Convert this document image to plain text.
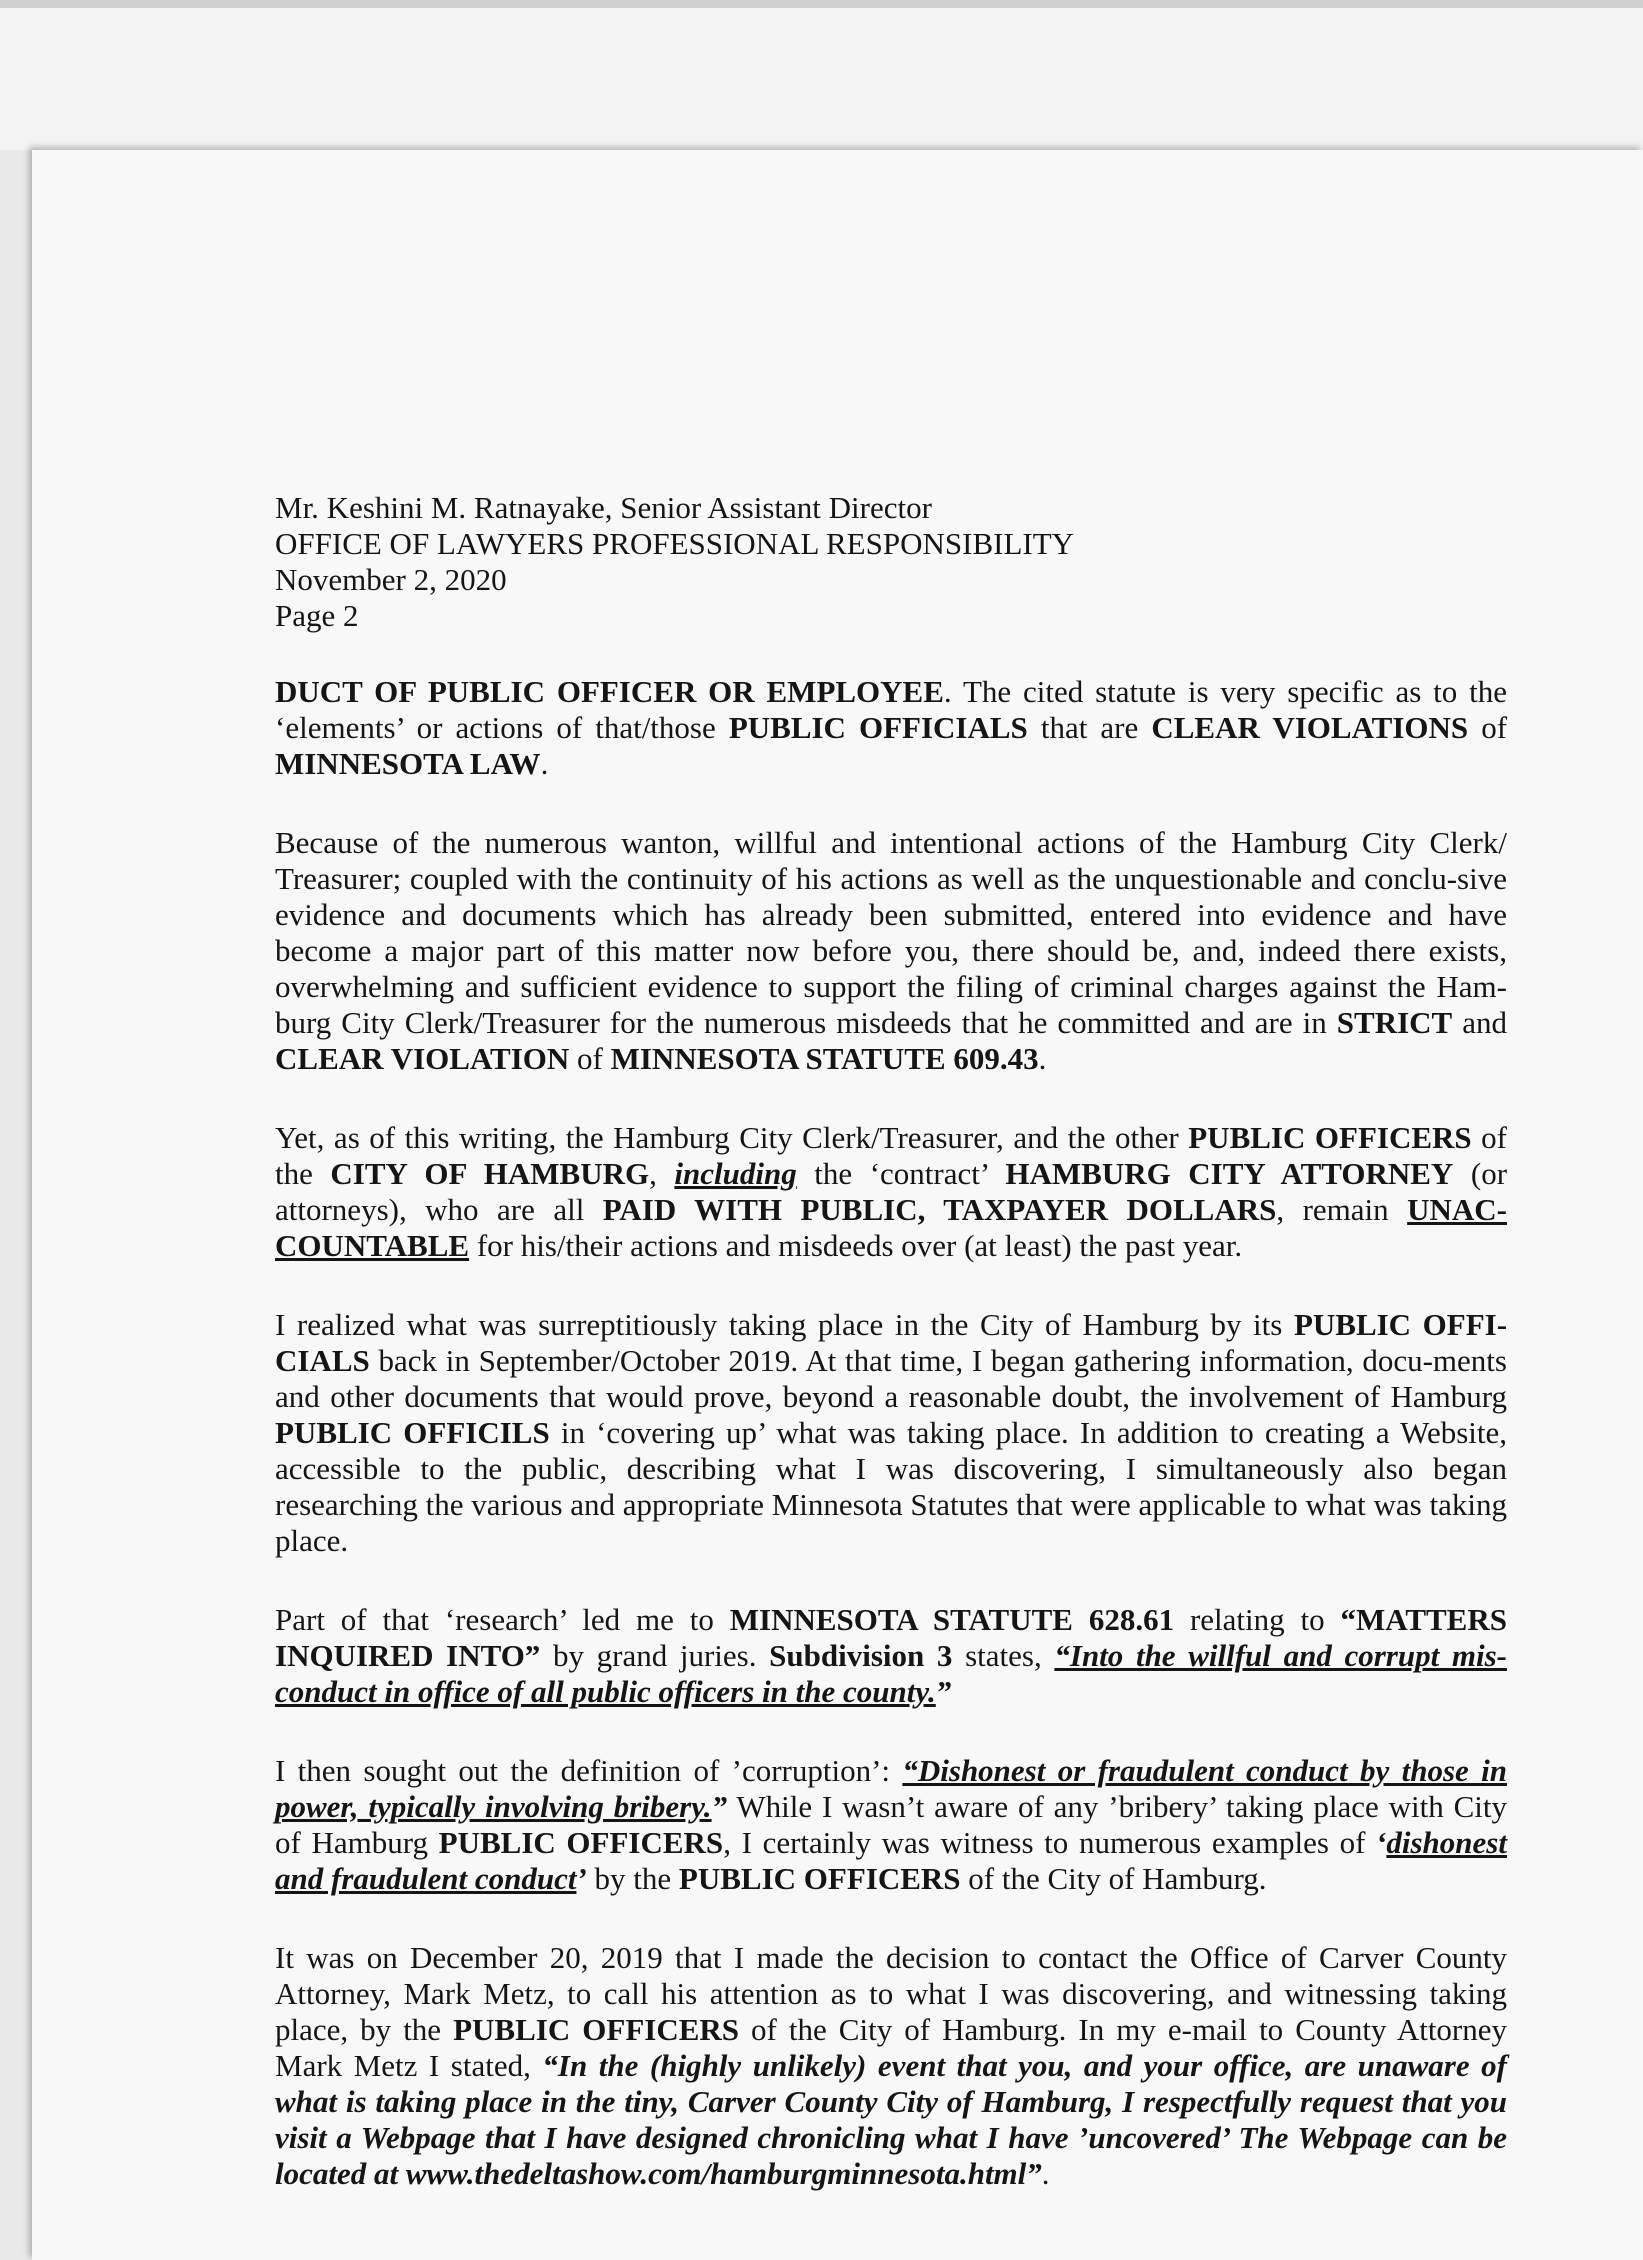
Mr. Keshini M. Ratnayake, Senior Assistant Director

OFFICE OF LAWYERS PROFESSIONAL RESPONSIBILITY

November 2, 2020

Page 2

DUCT OF PUBLIC OFFICER OR EMPLOYEE. The cited statute is very specific as to the ‘elements’ or actions of that/those PUBLIC OFFICIALS that are CLEAR VIOLATIONS of MINNESOTA LAW.

Because of the numerous wanton, willful and intentional actions of the Hamburg City Clerk/ Treasurer; coupled with the continuity of his actions as well as the unquestionable and conclu-sive evidence and documents which has already been submitted, entered into evidence and have become a major part of this matter now before you, there should be, and, indeed there exists, overwhelming and sufficient evidence to support the filing of criminal charges against the Ham-burg City Clerk/Treasurer for the numerous misdeeds that he committed and are in STRICT and CLEAR VIOLATION of MINNESOTA STATUTE 609.43.

Yet, as of this writing, the Hamburg City Clerk/Treasurer, and the other PUBLIC OFFICERS of the CITY OF HAMBURG, including the ‘contract’ HAMBURG CITY ATTORNEY (or attorneys), who are all PAID WITH PUBLIC, TAXPAYER DOLLARS, remain UNAC-COUNTABLE for his/their actions and misdeeds over (at least) the past year.

I realized what was surreptitiously taking place in the City of Hamburg by its PUBLIC OFFI-CIALS back in September/October 2019. At that time, I began gathering information, docu-ments and other documents that would prove, beyond a reasonable doubt, the involvement of Hamburg PUBLIC OFFICILS in ‘covering up’ what was taking place. In addition to creating a Website, accessible to the public, describing what I was discovering, I simultaneously also began researching the various and appropriate Minnesota Statutes that were applicable to what was taking place.

Part of that ‘research’ led me to MINNESOTA STATUTE 628.61 relating to “MATTERS INQUIRED INTO” by grand juries. Subdivision 3 states, “Into the willful and corrupt mis-conduct in office of all public officers in the county.”

I then sought out the definition of ’corruption’: “Dishonest or fraudulent conduct by those in power, typically involving bribery.” While I wasn’t aware of any ’bribery’ taking place with City of Hamburg PUBLIC OFFICERS, I certainly was witness to numerous examples of ‘dishonest and fraudulent conduct’ by the PUBLIC OFFICERS of the City of Hamburg.

It was on December 20, 2019 that I made the decision to contact the Office of Carver County Attorney, Mark Metz, to call his attention as to what I was discovering, and witnessing taking place, by the PUBLIC OFFICERS of the City of Hamburg. In my e-mail to County Attorney Mark Metz I stated, “In the (highly unlikely) event that you, and your office, are unaware of what is taking place in the tiny, Carver County City of Hamburg, I respectfully request that you visit a Webpage that I have designed chronicling what I have ’uncovered’ The Webpage can be located at www.thedeltashow.com/hamburgminnesota.html”.
